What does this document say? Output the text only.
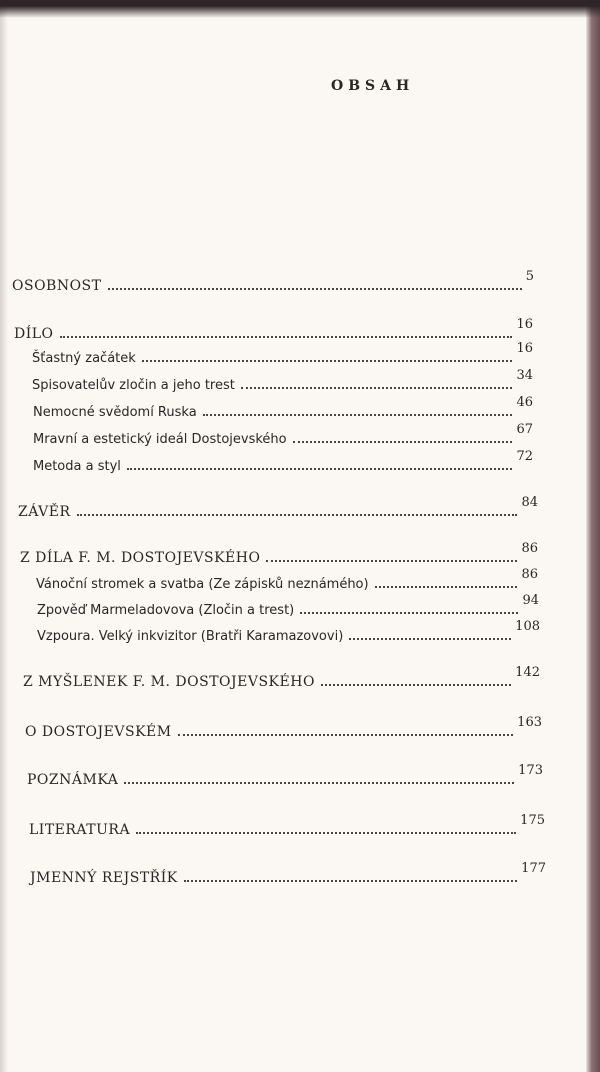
OBSAH
OSOBNOST
5
DÍLO
16
Šťastný začátek
16
Spisovatelův zločin a jeho trest
34
Nemocné svědomí Ruska
46
Mravní a estetický ideál Dostojevského
67
Metoda a styl
72
ZÁVĚR
84
Z DÍLA F. M. DOSTOJEVSKÉHO
86
Vánoční stromek a svatba (Ze zápisků neznámého)
86
Zpověď Marmeladovova (Zločin a trest)
94
Vzpoura. Velký inkvizitor (Bratři Karamazovovi)
108
Z MYŠLENEK F. M. DOSTOJEVSKÉHO
142
O DOSTOJEVSKÉM
163
POZNÁMKA
173
LITERATURA
175
JMENNÝ REJSTŘÍK
177
